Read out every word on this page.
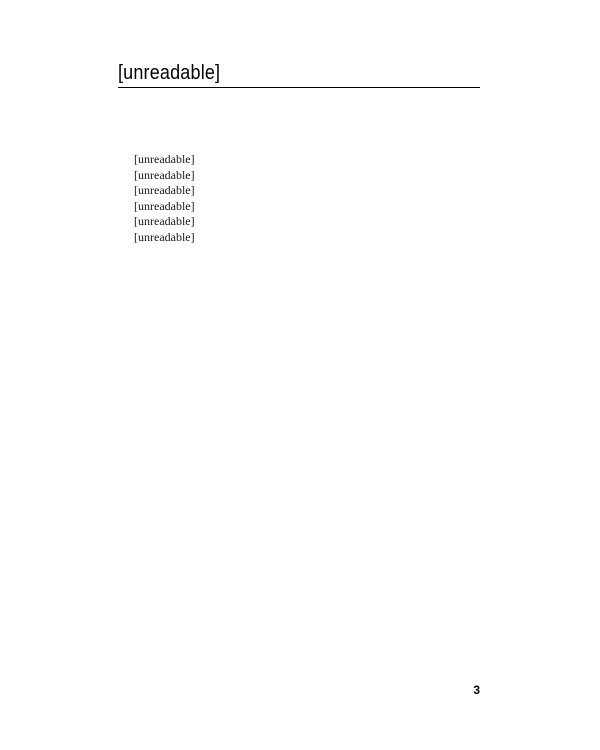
[unreadable]

[unreadable]

[unreadable]

[unreadable]

[unreadable]

[unreadable]

[unreadable]

3
